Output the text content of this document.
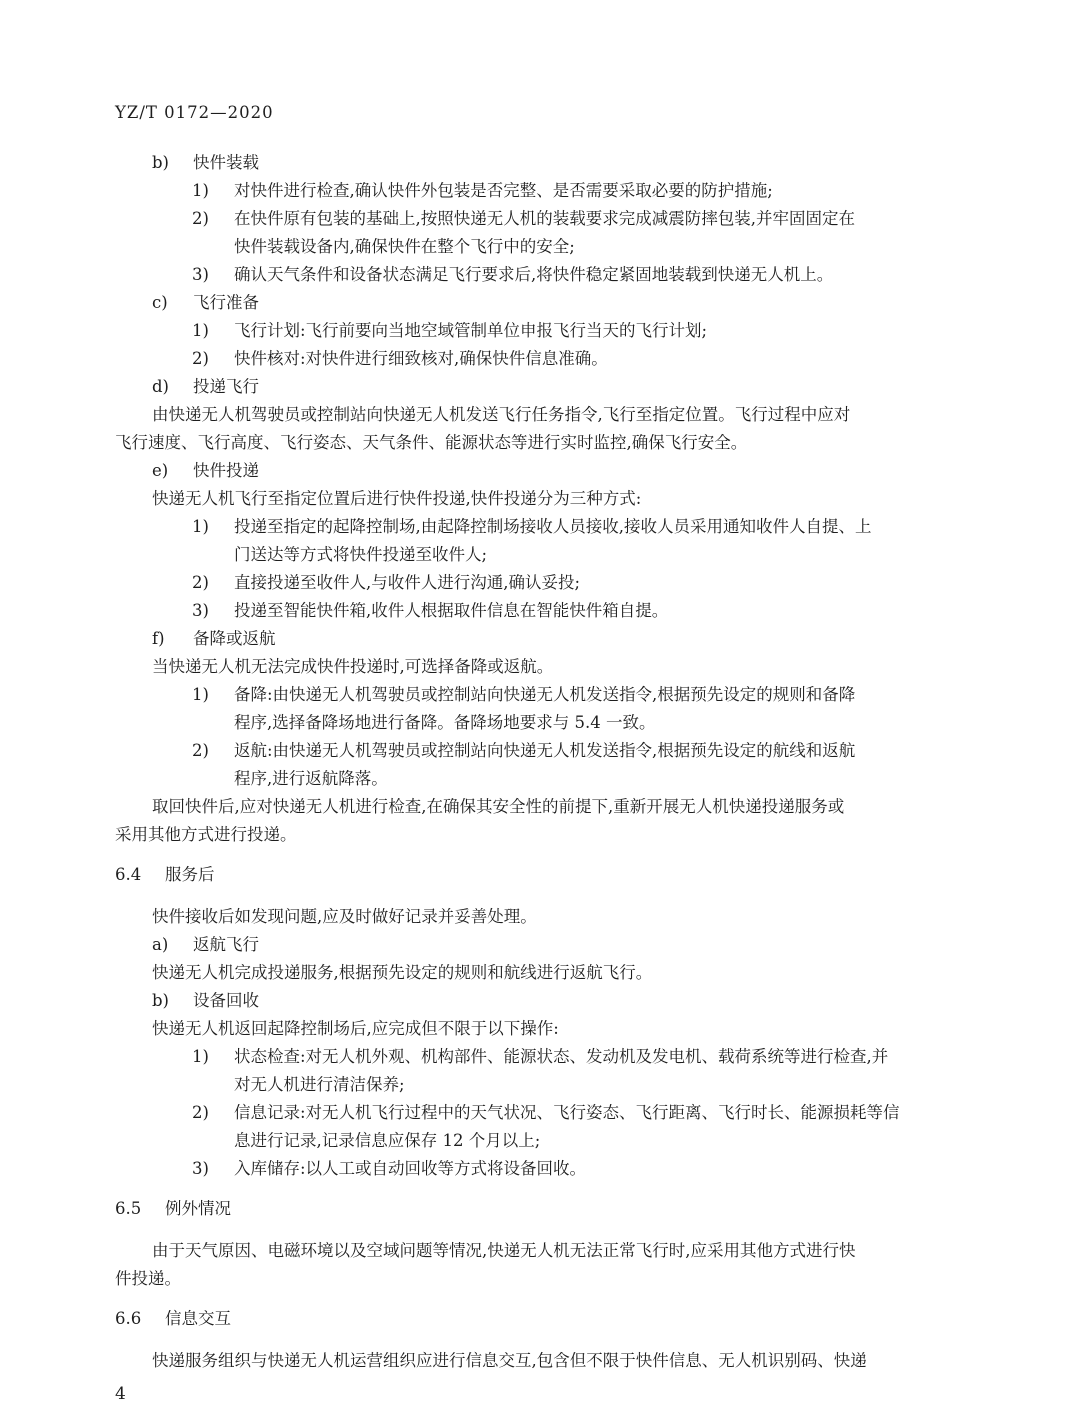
YZ/T 0172—2020
b) 快件装载
1) 对快件进行检查,确认快件外包装是否完整、是否需要采取必要的防护措施;
2) 在快件原有包装的基础上,按照快递无人机的装载要求完成减震防摔包装,并牢固固定在
快件装载设备内,确保快件在整个飞行中的安全;
3) 确认天气条件和设备状态满足飞行要求后,将快件稳定紧固地装载到快递无人机上。
c) 飞行准备
1) 飞行计划:飞行前要向当地空域管制单位申报飞行当天的飞行计划;
2) 快件核对:对快件进行细致核对,确保快件信息准确。
d) 投递飞行
由快递无人机驾驶员或控制站向快递无人机发送飞行任务指令,飞行至指定位置。飞行过程中应对
飞行速度、飞行高度、飞行姿态、天气条件、能源状态等进行实时监控,确保飞行安全。
e) 快件投递
快递无人机飞行至指定位置后进行快件投递,快件投递分为三种方式:
1) 投递至指定的起降控制场,由起降控制场接收人员接收,接收人员采用通知收件人自提、上
门送达等方式将快件投递至收件人;
2) 直接投递至收件人,与收件人进行沟通,确认妥投;
3) 投递至智能快件箱,收件人根据取件信息在智能快件箱自提。
f) 备降或返航
当快递无人机无法完成快件投递时,可选择备降或返航。
1) 备降:由快递无人机驾驶员或控制站向快递无人机发送指令,根据预先设定的规则和备降
程序,选择备降场地进行备降。备降场地要求与 5.4 一致。
2) 返航:由快递无人机驾驶员或控制站向快递无人机发送指令,根据预先设定的航线和返航
程序,进行返航降落。
取回快件后,应对快递无人机进行检查,在确保其安全性的前提下,重新开展无人机快递投递服务或
采用其他方式进行投递。
6.4 服务后
快件接收后如发现问题,应及时做好记录并妥善处理。
a) 返航飞行
快递无人机完成投递服务,根据预先设定的规则和航线进行返航飞行。
b) 设备回收
快递无人机返回起降控制场后,应完成但不限于以下操作:
1) 状态检查:对无人机外观、机构部件、能源状态、发动机及发电机、载荷系统等进行检查,并
对无人机进行清洁保养;
2) 信息记录:对无人机飞行过程中的天气状况、飞行姿态、飞行距离、飞行时长、能源损耗等信
息进行记录,记录信息应保存 12 个月以上;
3) 入库储存:以人工或自动回收等方式将设备回收。
6.5 例外情况
由于天气原因、电磁环境以及空域问题等情况,快递无人机无法正常飞行时,应采用其他方式进行快
件投递。
6.6 信息交互
快递服务组织与快递无人机运营组织应进行信息交互,包含但不限于快件信息、无人机识别码、快递
4
